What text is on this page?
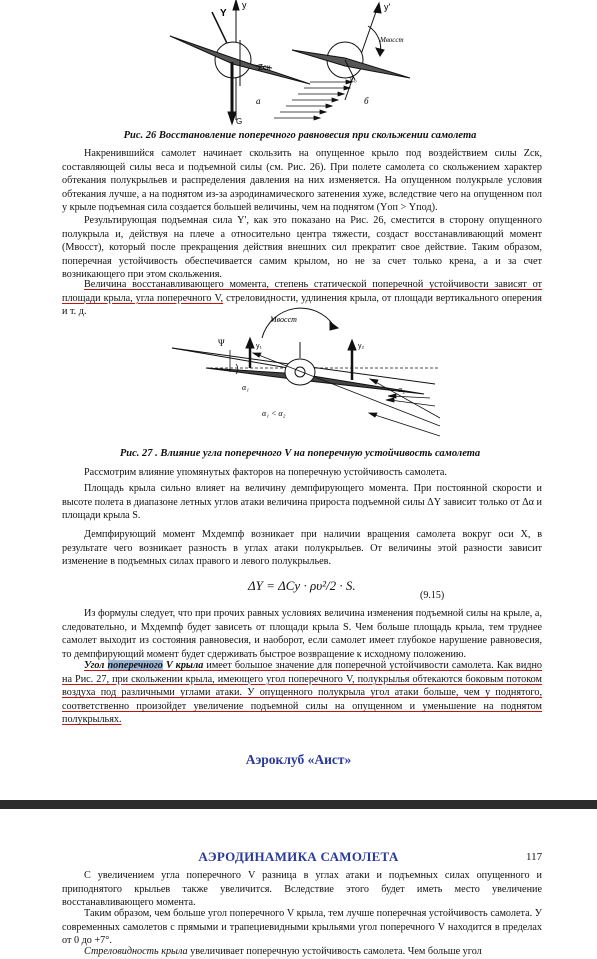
y
Y
Zск
G
а
y'
Mвосст
L₀
б
Рис. 26 Восстановление поперечного равновесия при скольжении самолета
Накренившийся самолет начинает скользить на опущенное крыло под воздействием силы Zск, составляющей силы веса и подъемной силы (см. Рис. 26). При полете самолета со скольжением характер обтекания полукрыльев и распределения давления на них изменяется. На опущенном полукрыле условия обтекания лучше, а на поднятом из-за аэродинамического затенения хуже, вследствие чего на опущенном пол у крыле подъемная сила создается большей величины, чем на поднятом (Yоп > Yпод).
Результирующая подъемная сила Y', как это показано на Рис. 26, сместится в сторону опущенного полукрыла и, действуя на плече a относительно центра тяжести, создаст восстанавливающий момент (Mвосст), который после прекращения действия внешних сил прекратит свое действие. Таким образом, поперечная устойчивость обеспечивается самим крылом, но не за счет только крена, а и за счет возникающего при этом скольжения.
Величина восстанавливающего момента, степень статической поперечной устойчивости зависят от площади крыла, угла поперечного V, стреловидности, удлинения крыла, от площади вертикального оперения и т. д.
Mвосст
Ψ	y₁	y₂
α₁	α₂
α₁ < α₂
Рис. 27 . Влияние угла поперечного V на поперечную устойчивость самолета
Рассмотрим влияние упомянутых факторов на поперечную устойчивость самолета.
Площадь крыла сильно влияет на величину демпфирующего момента. При постоянной скорости и высоте полета в диапазоне летных углов атаки величина прироста подъемной силы ΔY зависит только от Δα и площади крыла S.
Демпфирующий момент Mxдемпф возникает при наличии вращения самолета вокруг оси X, в результате чего возникает разность в углах атаки полукрыльев. От величины этой разности зависит изменение в подъемных силах правого и левого полукрыльев.
ΔY = ΔCy · ρυ²/2 · S.
(9.15)
Из формулы следует, что при прочих равных условиях величина изменения подъемной силы на крыле, а, следовательно, и Mxдемпф будет зависеть от площади крыла S. Чем больше площадь крыла, тем труднее самолет выходит из состояния равновесия, и наоборот, если самолет имеет глубокое нарушение равновесия, то демпфирующий момент будет сдерживать быстрое возвращение к исходному положению.
Угол поперечного V крыла имеет большое значение для поперечной устойчивости самолета. Как видно на Рис. 27, при скольжении крыла, имеющего угол поперечного V, полукрылья обтекаются боковым потоком воздуха под различными углами атаки. У опущенного полукрыла угол атаки больше, чем у поднятого, соответственно произойдет увеличение подъемной силы на опущенном и уменьшение на поднятом полукрыльях.
Аэроклуб «Аист»
АЭРОДИНАМИКА САМОЛЕТА	117
С увеличением угла поперечного V разница в углах атаки и подъемных силах опущенного и приподнятого крыльев также увеличится. Вследствие этого будет иметь место увеличение восстанавливающего момента.
Таким образом, чем больше угол поперечного V крыла, тем лучше поперечная устойчивость самолета. У современных самолетов с прямыми и трапециевидными крыльями угол поперечного V находится в пределах от 0 до +7°.
Стреловидность крыла увеличивает поперечную устойчивость самолета. Чем больше угол
